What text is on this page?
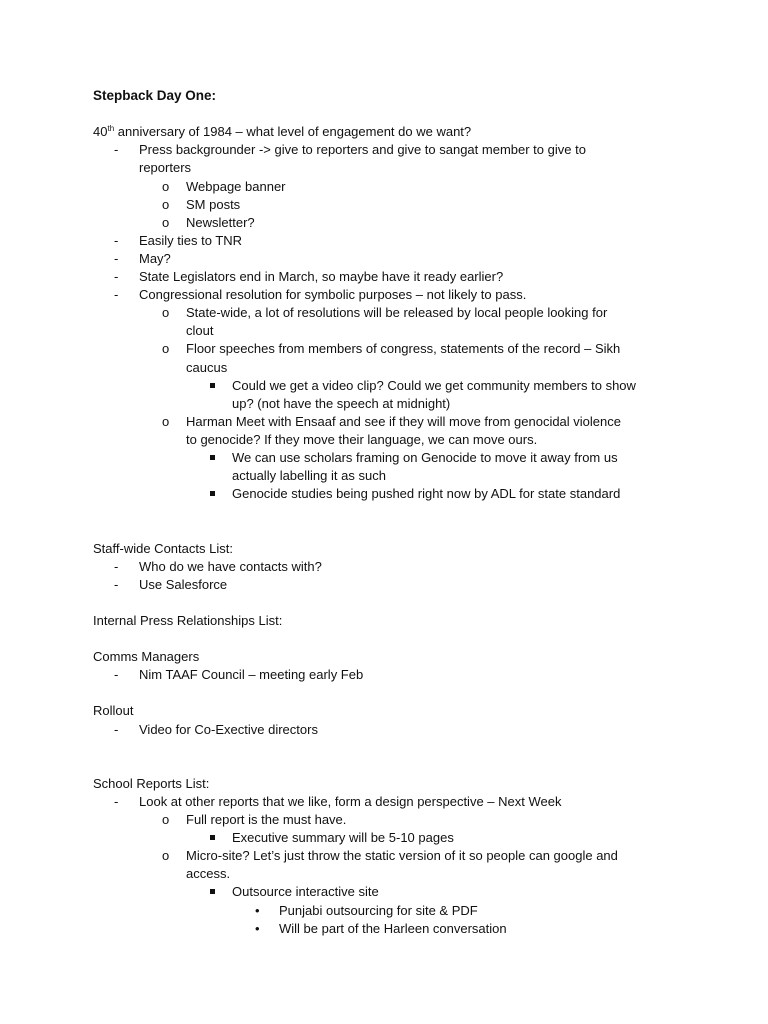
Stepback Day One:
40th anniversary of 1984 – what level of engagement do we want?
- Press backgrounder -> give to reporters and give to sangat member to give to
reporters
o Webpage banner
o SM posts
o Newsletter?
- Easily ties to TNR
- May?
- State Legislators end in March, so maybe have it ready earlier?
- Congressional resolution for symbolic purposes – not likely to pass.
o State-wide, a lot of resolutions will be released by local people looking for
clout
o Floor speeches from members of congress, statements of the record – Sikh
caucus
Could we get a video clip? Could we get community members to show
up? (not have the speech at midnight)
o Harman Meet with Ensaaf and see if they will move from genocidal violence
to genocide? If they move their language, we can move ours.
We can use scholars framing on Genocide to move it away from us
actually labelling it as such
Genocide studies being pushed right now by ADL for state standard
Staff-wide Contacts List:
- Who do we have contacts with?
- Use Salesforce
Internal Press Relationships List:
Comms Managers
- Nim TAAF Council – meeting early Feb
Rollout
- Video for Co-Exective directors
School Reports List:
- Look at other reports that we like, form a design perspective – Next Week
o Full report is the must have.
Executive summary will be 5-10 pages
o Micro-site? Let’s just throw the static version of it so people can google and
access.
Outsource interactive site
• Punjabi outsourcing for site & PDF
• Will be part of the Harleen conversation
